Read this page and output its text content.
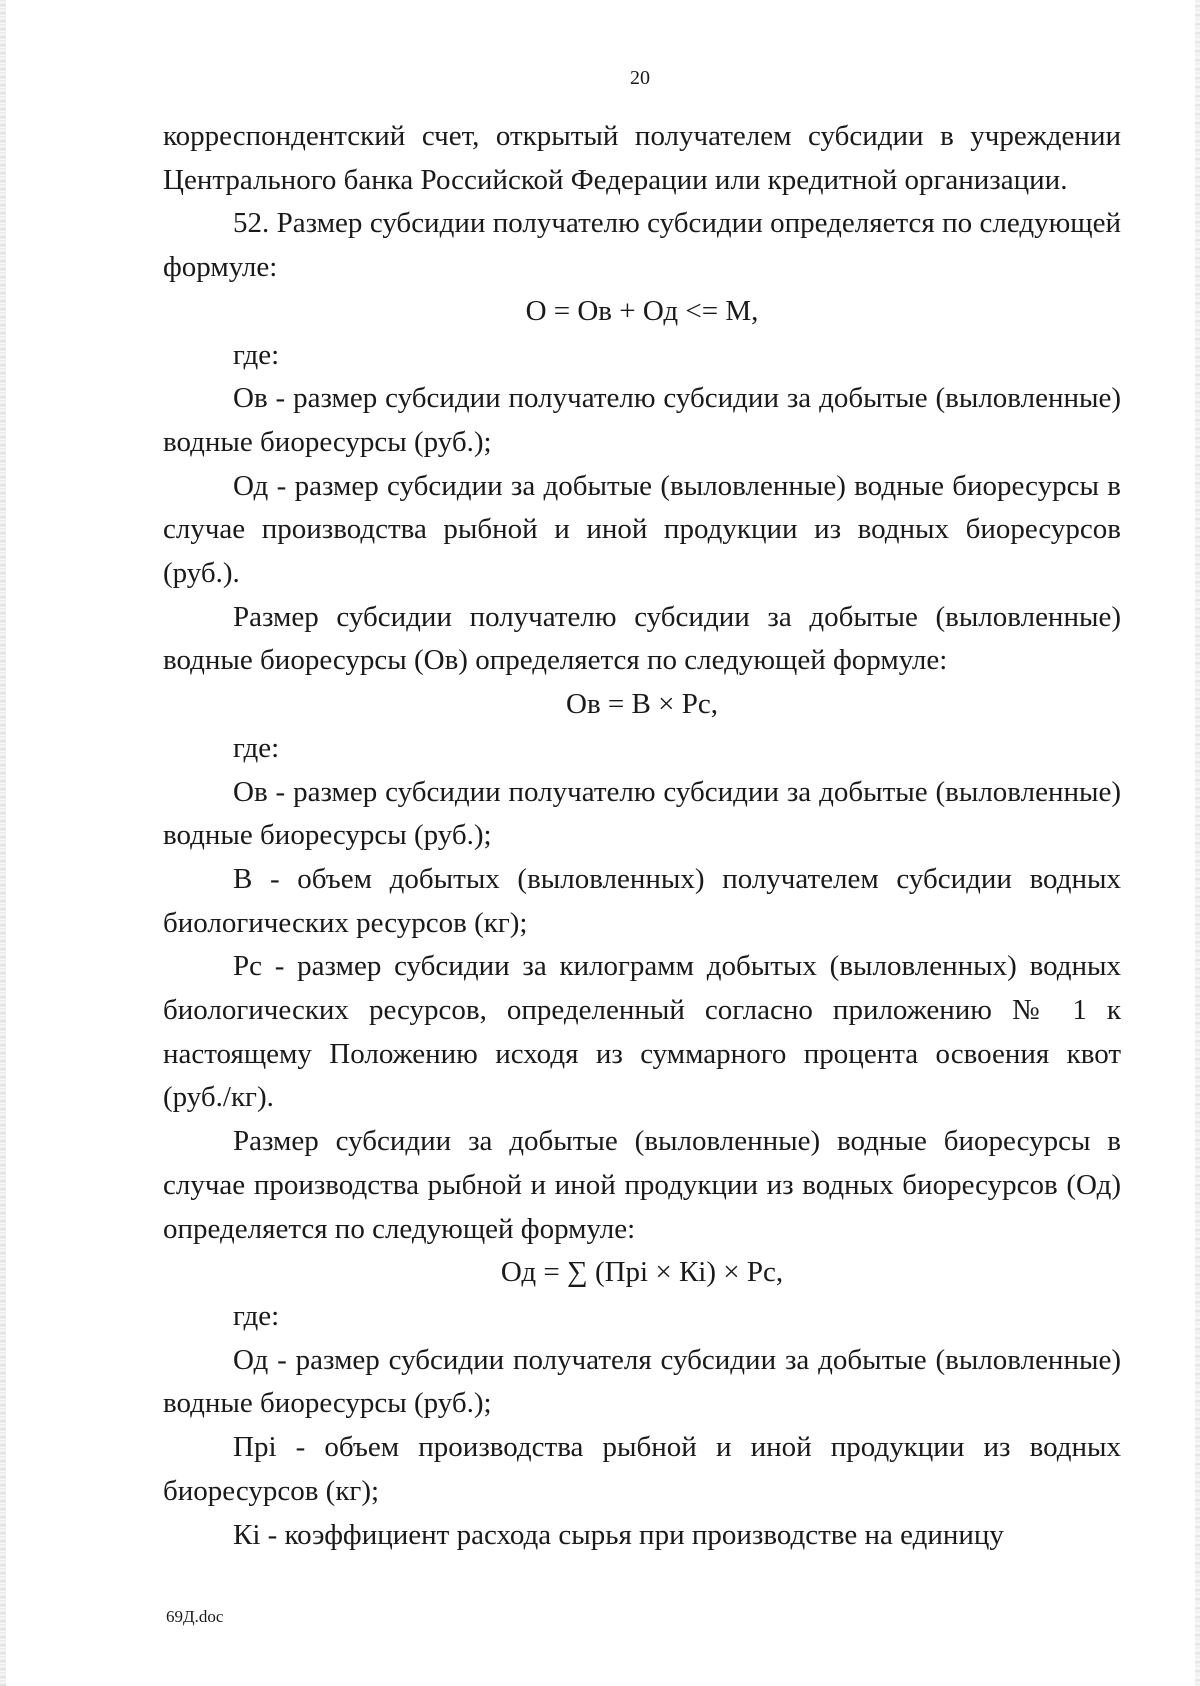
20

корреспондентский счет, открытый получателем субсидии в учреждении Центрального банка Российской Федерации или кредитной организации.

52. Размер субсидии получателю субсидии определяется по следующей формуле:

О = Ов + Од <= М,

где:

Ов - размер субсидии получателю субсидии за добытые (выловленные) водные биоресурсы (руб.);

Од - размер субсидии за добытые (выловленные) водные биоресурсы в случае производства рыбной и иной продукции из водных биоресурсов (руб.).

Размер субсидии получателю субсидии за добытые (выловленные) водные биоресурсы (Ов) определяется по следующей формуле:

Ов = В × Рс,

где:

Ов - размер субсидии получателю субсидии за добытые (выловленные) водные биоресурсы (руб.);

В - объем добытых (выловленных) получателем субсидии водных биологических ресурсов (кг);

Рс - размер субсидии за килограмм добытых (выловленных) водных биологических ресурсов, определенный согласно приложению № 1 к настоящему Положению исходя из суммарного процента освоения квот (руб./кг).

Размер субсидии за добытые (выловленные) водные биоресурсы в случае производства рыбной и иной продукции из водных биоресурсов (Од) определяется по следующей формуле:

Од = ∑ (Прi × Кi) × Рс,

где:

Од - размер субсидии получателя субсидии за добытые (выловленные) водные биоресурсы (руб.);

Прi - объем производства рыбной и иной продукции из водных биоресурсов (кг);

Кi - коэффициент расхода сырья при производстве на единицу

69Д.doc
